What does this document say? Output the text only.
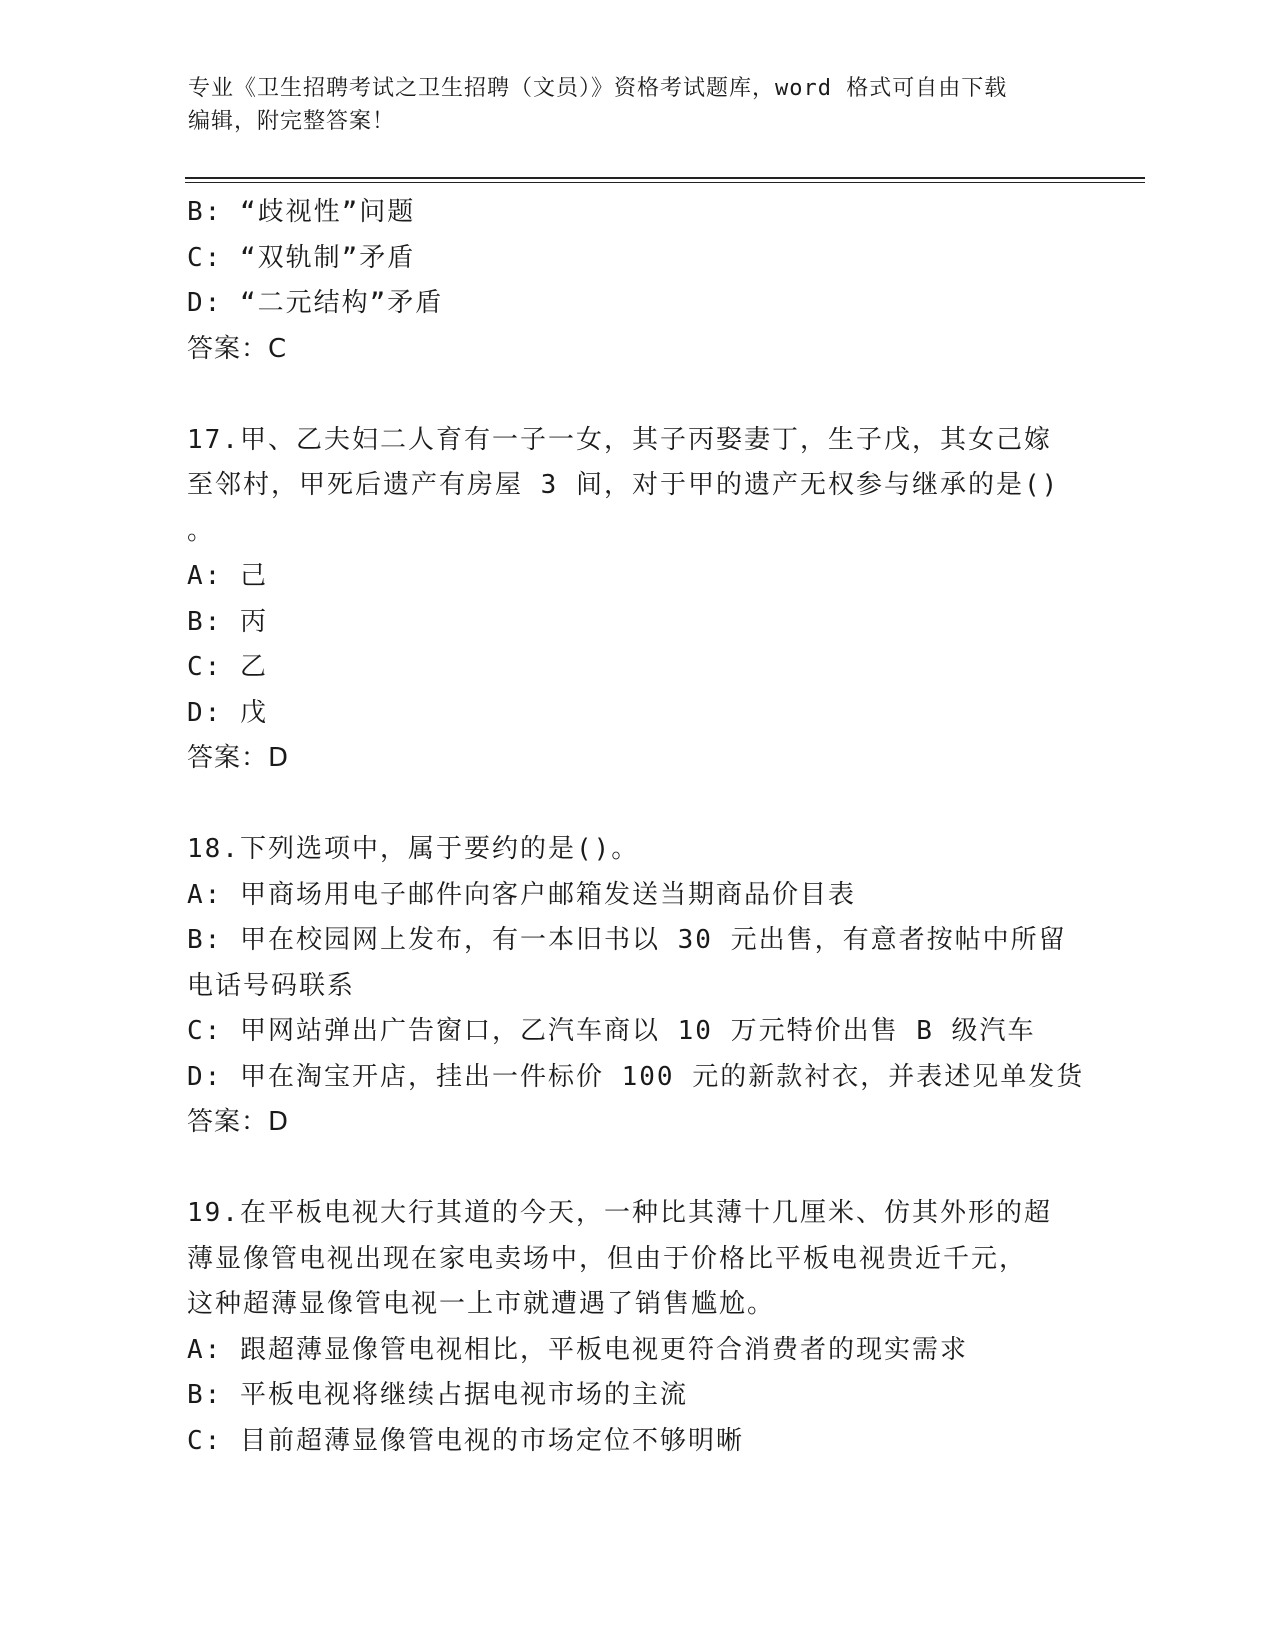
专业《卫生招聘考试之卫生招聘（文员）》资格考试题库，word 格式可自由下载
编辑，附完整答案！
B: “歧视性”问题
C: “双轨制”矛盾
D: “二元结构”矛盾
答案：C
17.甲、乙夫妇二人育有一子一女，其子丙娶妻丁，生子戊，其女己嫁
至邻村，甲死后遗产有房屋 3 间，对于甲的遗产无权参与继承的是()
。
A: 己
B: 丙
C: 乙
D: 戊
答案：D
18.下列选项中，属于要约的是()。
A: 甲商场用电子邮件向客户邮箱发送当期商品价目表
B: 甲在校园网上发布，有一本旧书以 30 元出售，有意者按帖中所留
电话号码联系
C: 甲网站弹出广告窗口，乙汽车商以 10 万元特价出售 B 级汽车
D: 甲在淘宝开店，挂出一件标价 100 元的新款衬衣，并表述见单发货
答案：D
19.在平板电视大行其道的今天，一种比其薄十几厘米、仿其外形的超
薄显像管电视出现在家电卖场中，但由于价格比平板电视贵近千元，
这种超薄显像管电视一上市就遭遇了销售尴尬。
A: 跟超薄显像管电视相比，平板电视更符合消费者的现实需求
B: 平板电视将继续占据电视市场的主流
C: 目前超薄显像管电视的市场定位不够明晰
